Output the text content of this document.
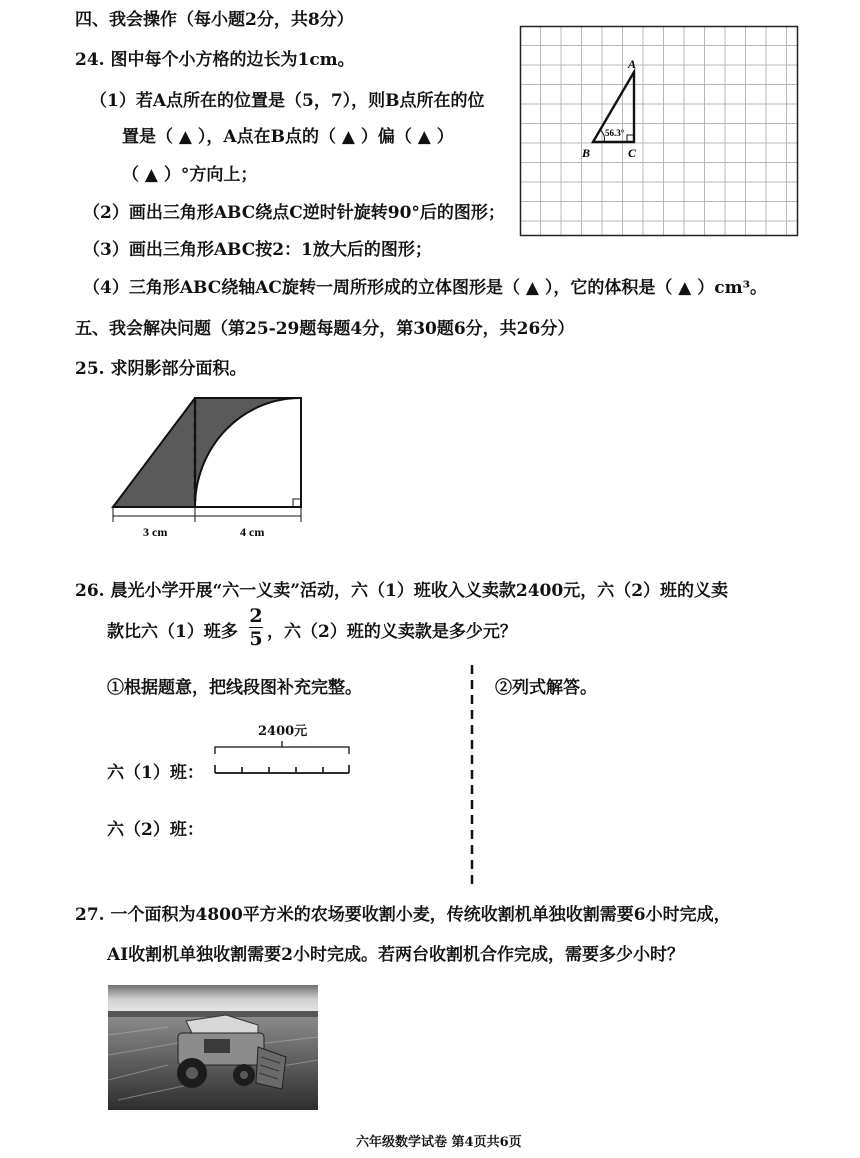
四、我会操作（每小题2分，共8分）
24. 图中每个小方格的边长为1cm。
（1）若A点所在的位置是（5，7），则B点所在的位
置是（ ▲ ），A点在B点的（ ▲ ）偏（ ▲ ）
（ ▲ ）°方向上；
（2）画出三角形ABC绕点C逆时针旋转90°后的图形；
（3）画出三角形ABC按2：1放大后的图形；
（4）三角形ABC绕轴AC旋转一周所形成的立体图形是（ ▲ ），它的体积是（ ▲ ）cm³。
A
B	C
56.3°
五、我会解决问题（第25-29题每题4分，第30题6分，共26分）
25. 求阴影部分面积。
3 cm	4 cm
26. 晨光小学开展“六一义卖”活动，六（1）班收入义卖款2400元，六（2）班的义卖
款比六（1）班多
2
5 ，六（2）班的义卖款是多少元？
①根据题意，把线段图补充完整。	②列式解答。
2400元
六（1）班：
六（2）班：
27. 一个面积为4800平方米的农场要收割小麦，传统收割机单独收割需要6小时完成，
AI收割机单独收割需要2小时完成。若两台收割机合作完成，需要多少小时？
六年级数学试卷 第4页共6页
